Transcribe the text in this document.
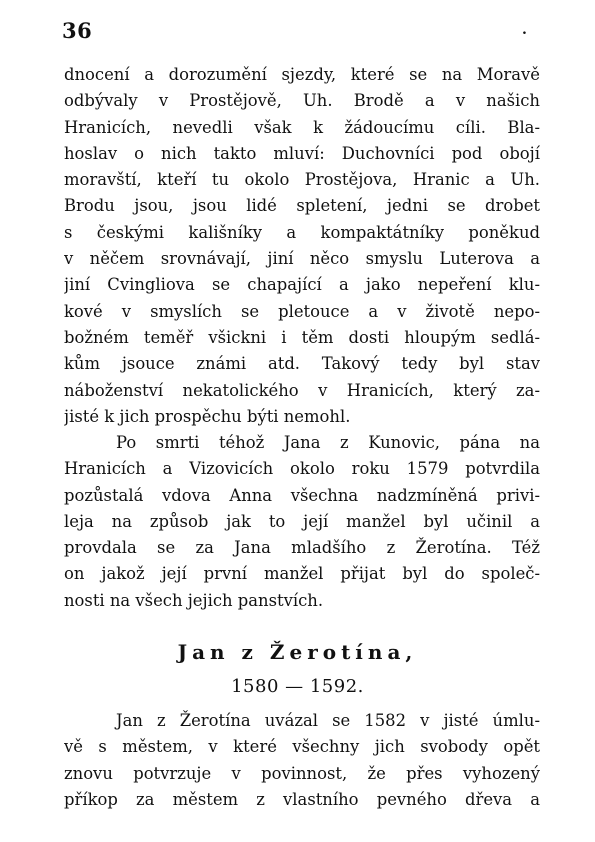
36	.
dnocení a dorozumění sjezdy, které se na Moravě
odbývaly v Prostějově, Uh. Brodě a v našich
Hranicích, nevedli však k žádoucímu cíli. Bla-
hoslav o nich takto mluví: Duchovníci pod obojí
moravští, kteří tu okolo Prostějova, Hranic a Uh.
Brodu jsou, jsou lidé spletení, jedni se drobet
s českými kališníky a kompaktátníky poněkud
v něčem srovnávají, jiní něco smyslu Luterova a
jiní Cvingliova se chapající a jako nepeření klu-
kové v smyslích se pletouce a v životě nepo-
božném teměř všickni i těm dosti hloupým sedlá-
kům jsouce známi atd. Takový tedy byl stav
náboženství nekatolického v Hranicích, který za-
jisté k jich prospěchu býti nemohl.
Po smrti téhož Jana z Kunovic, pána na
Hranicích a Vizovicích okolo roku 1579 potvrdila
pozůstalá vdova Anna všechna nadzmíněná privi-
leja na způsob jak to její manžel byl učinil a
provdala se za Jana mladšího z Žerotína. Též
on jakož její první manžel přijat byl do společ-
nosti na všech jejich panstvích.
Jan z Žerotína,
1580 — 1592.
Jan z Žerotína uvázal se 1582 v jisté úmlu-
vě s městem, v které všechny jich svobody opět
znovu potvrzuje v povinnost, že přes vyhozený
příkop za městem z vlastního pevného dřeva a
